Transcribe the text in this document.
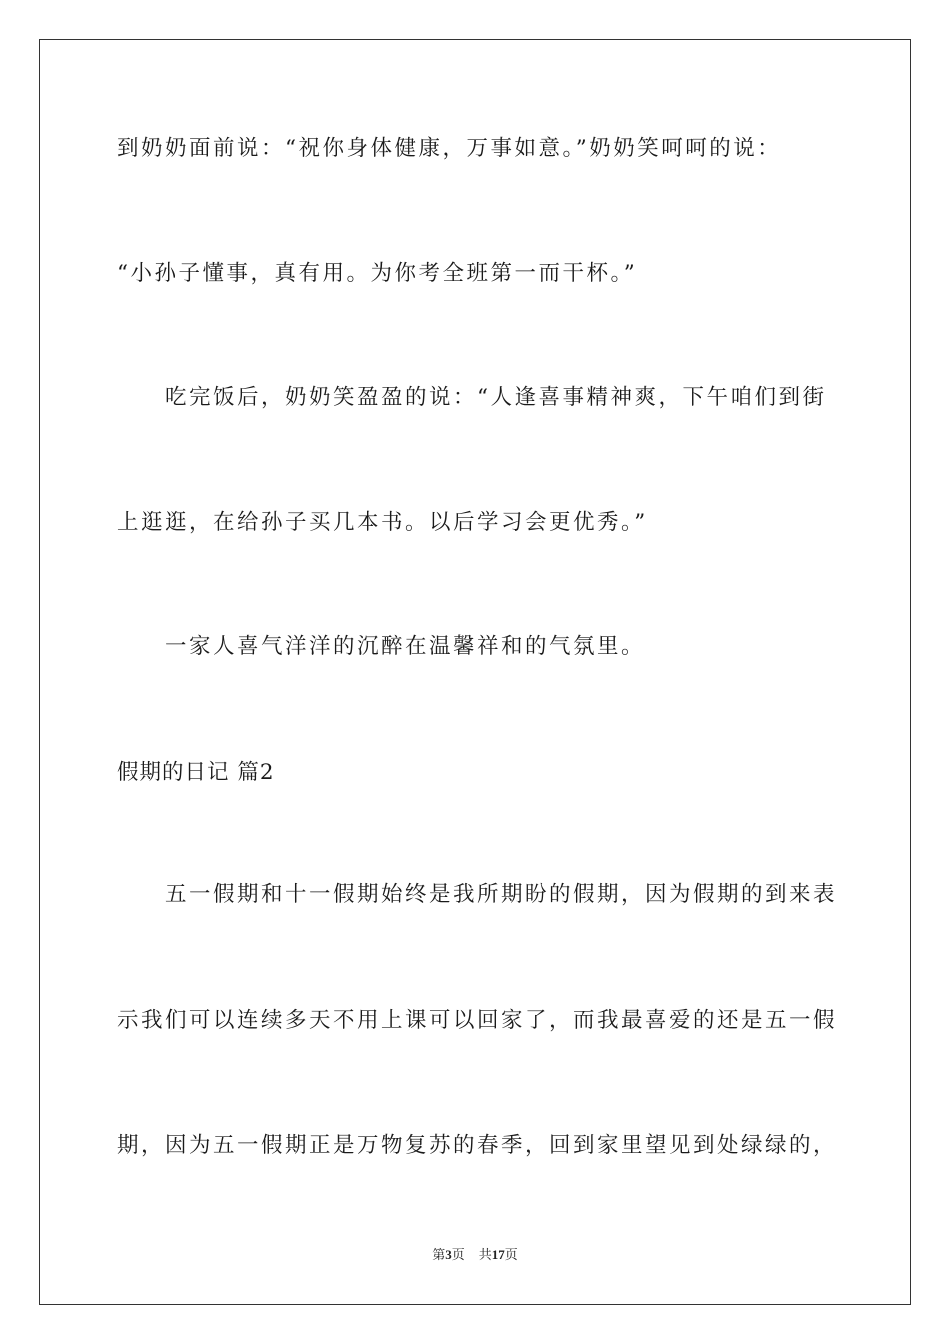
到奶奶面前说：“祝你身体健康，万事如意。”奶奶笑呵呵的说：
“小孙子懂事，真有用。为你考全班第一而干杯。”
吃完饭后，奶奶笑盈盈的说：“人逢喜事精神爽，下午咱们到街
上逛逛，在给孙子买几本书。以后学习会更优秀。”
一家人喜气洋洋的沉醉在温馨祥和的气氛里。
假期的日记 篇2
五一假期和十一假期始终是我所期盼的假期，因为假期的到来表
示我们可以连续多天不用上课可以回家了，而我最喜爱的还是五一假
期，因为五一假期正是万物复苏的春季，回到家里望见到处绿绿的，
第3页 共17页
